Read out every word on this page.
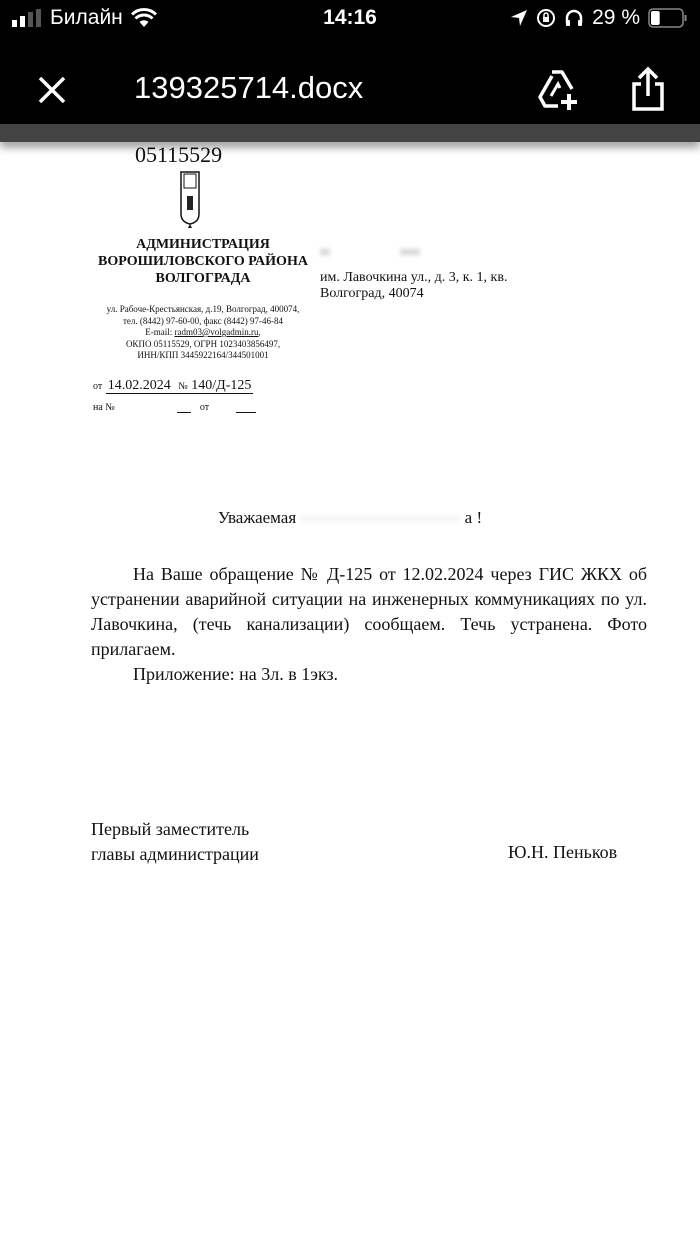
Билайн	14:16	29 %
139325714.docx
05115529
АДМИНИСТРАЦИЯ
ВОРОШИЛОВСКОГО РАЙОНА
ВОЛГОГРАДА
ул. Рабоче-Крестьянская, д.19, Волгоград, 400074,
тел. (8442) 97-60-00, факс (8442) 97-46-84
E-mail: radm03@volgadmin.ru,
ОКПО 05115529, ОГРН 1023403856497,
ИНН/КПП 3445922164/344501001
от 14.02.2024 № 140/Д-125
на №	от
им. Лавочкина ул., д. 3, к. 1, кв.
Волгоград, 40074
Уважаемая	а !

На Ваше обращение № Д-125 от 12.02.2024 через ГИС ЖКХ об устранении аварийной ситуации на инженерных коммуникациях по ул. Лавочкина, (течь канализации) сообщаем. Течь устранена. Фото прилагаем.

Приложение: на 3л. в 1экз.

Первый заместитель
главы администрации	Ю.Н. Пеньков
